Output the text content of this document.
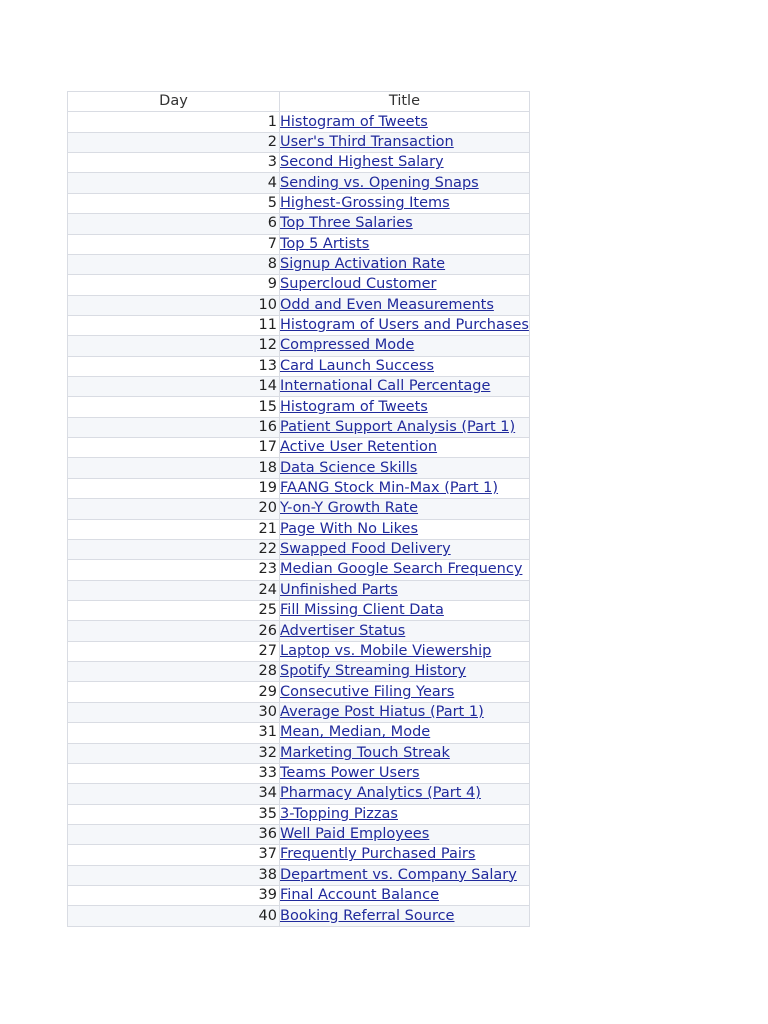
Day	Title
1	Histogram of Tweets
2	User's Third Transaction
3	Second Highest Salary
4	Sending vs. Opening Snaps
5	Highest-Grossing Items
6	Top Three Salaries
7	Top 5 Artists
8	Signup Activation Rate
9	Supercloud Customer
10	Odd and Even Measurements
11	Histogram of Users and Purchases
12	Compressed Mode
13	Card Launch Success
14	International Call Percentage
15	Histogram of Tweets
16	Patient Support Analysis (Part 1)
17	Active User Retention
18	Data Science Skills
19	FAANG Stock Min-Max (Part 1)
20	Y-on-Y Growth Rate
21	Page With No Likes
22	Swapped Food Delivery
23	Median Google Search Frequency
24	Unfinished Parts
25	Fill Missing Client Data
26	Advertiser Status
27	Laptop vs. Mobile Viewership
28	Spotify Streaming History
29	Consecutive Filing Years
30	Average Post Hiatus (Part 1)
31	Mean, Median, Mode
32	Marketing Touch Streak
33	Teams Power Users
34	Pharmacy Analytics (Part 4)
35	3-Topping Pizzas
36	Well Paid Employees
37	Frequently Purchased Pairs
38	Department vs. Company Salary
39	Final Account Balance
40	Booking Referral Source
